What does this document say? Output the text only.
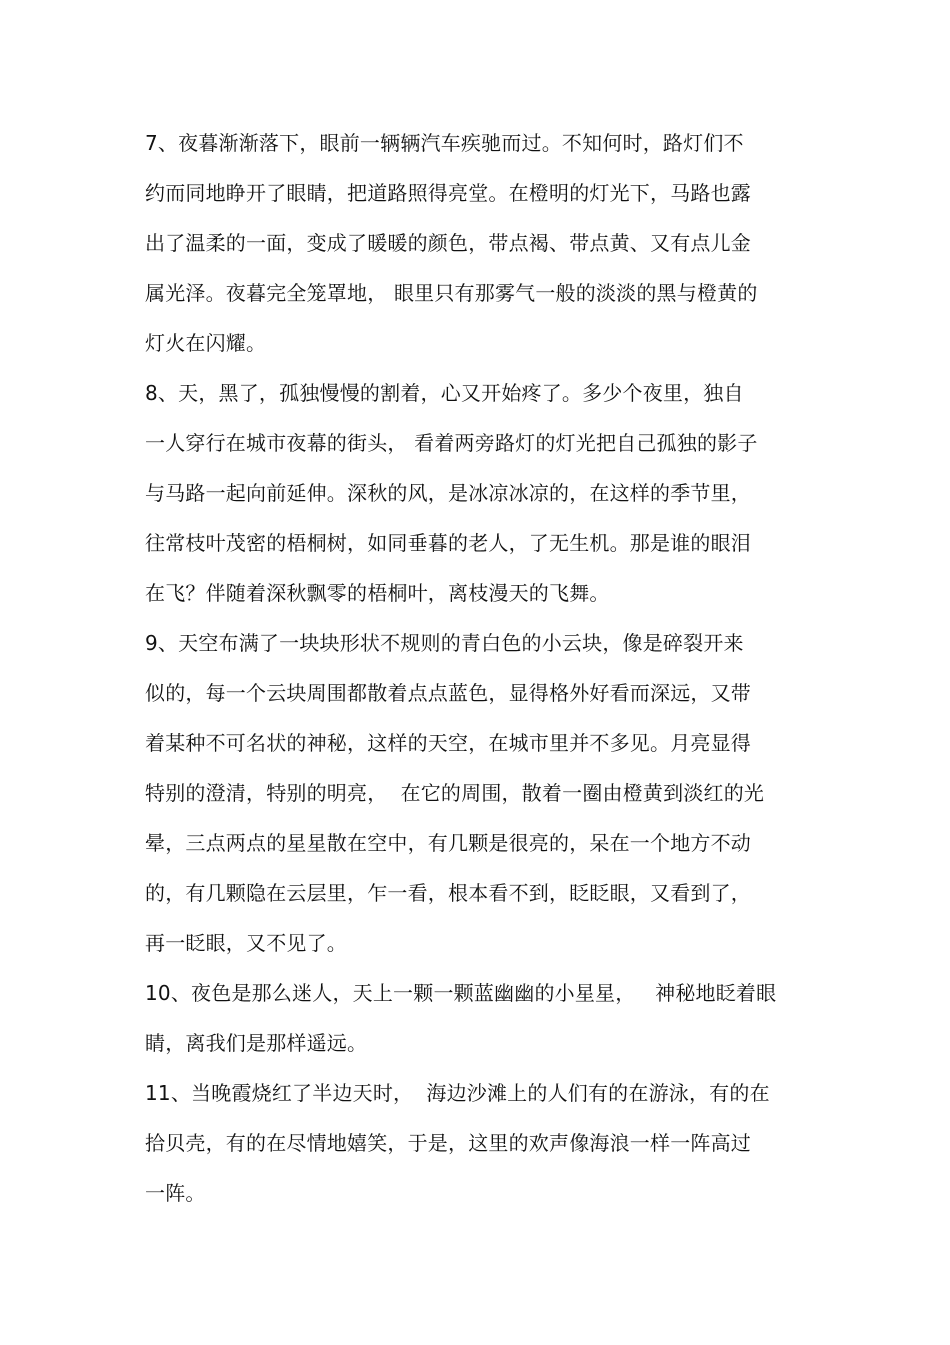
7、夜暮渐渐落下，眼前一辆辆汽车疾驰而过。不知何时，路灯们不
约而同地睁开了眼睛，把道路照得亮堂。在橙明的灯光下，马路也露
出了温柔的一面，变成了暖暖的颜色，带点褐、带点黄、又有点儿金
属光泽。夜暮完全笼罩地， 眼里只有那雾气一般的淡淡的黑与橙黄的
灯火在闪耀。
8、天，黑了，孤独慢慢的割着，心又开始疼了。多少个夜里，独自
一人穿行在城市夜幕的街头， 看着两旁路灯的灯光把自己孤独的影子
与马路一起向前延伸。深秋的风，是冰凉冰凉的，在这样的季节里，
往常枝叶茂密的梧桐树，如同垂暮的老人，了无生机。那是谁的眼泪
在飞？伴随着深秋飘零的梧桐叶，离枝漫天的飞舞。
9、天空布满了一块块形状不规则的青白色的小云块，像是碎裂开来
似的，每一个云块周围都散着点点蓝色，显得格外好看而深远，又带
着某种不可名状的神秘，这样的天空，在城市里并不多见。月亮显得
特别的澄清，特别的明亮，  在它的周围，散着一圈由橙黄到淡红的光
晕，三点两点的星星散在空中，有几颗是很亮的，呆在一个地方不动
的，有几颗隐在云层里，乍一看，根本看不到，眨眨眼，又看到了，
再一眨眼，又不见了。
10、夜色是那么迷人，天上一颗一颗蓝幽幽的小星星，   神秘地眨着眼
睛，离我们是那样遥远。
11、当晚霞烧红了半边天时，  海边沙滩上的人们有的在游泳，有的在
拾贝壳，有的在尽情地嬉笑，于是，这里的欢声像海浪一样一阵高过
一阵。
